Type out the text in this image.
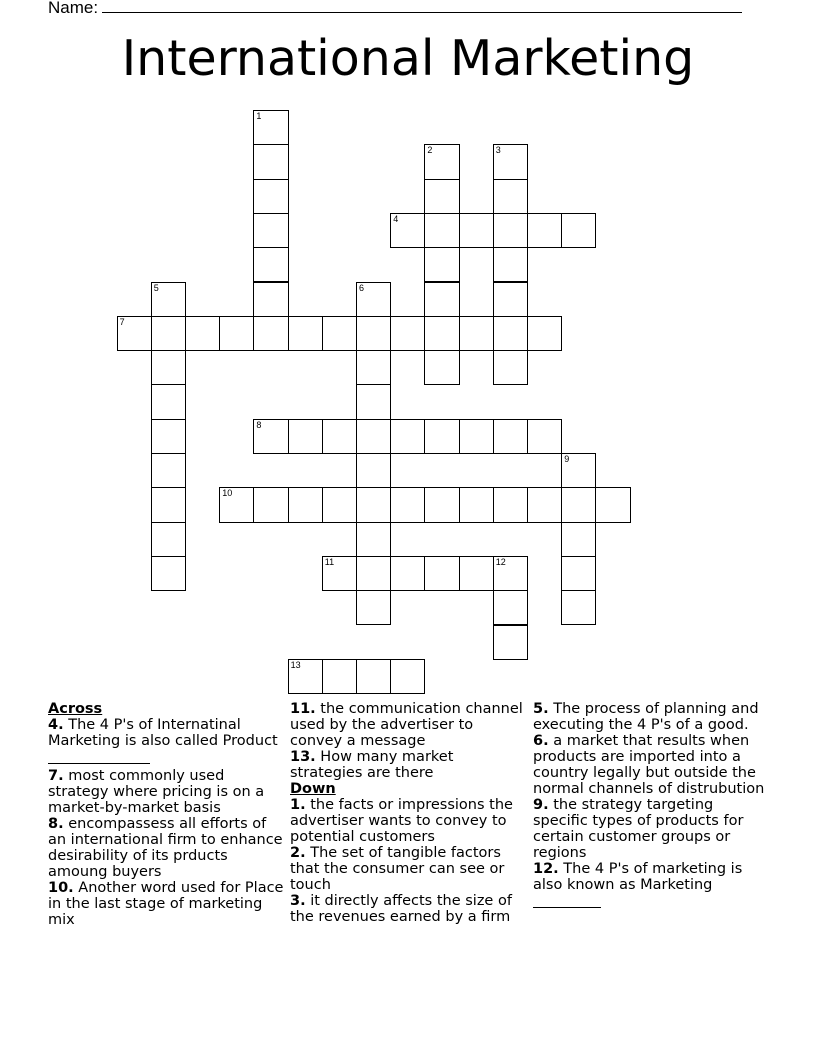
Name:
International Marketing
1
2	3
4
5	6
7
8
9
10
11	12
13
Across
4. The 4 P's of Internatinal Marketing is also called Product

7. most commonly used strategy where pricing is on a market-by-market basis
8. encompassess all efforts of an international firm to enhance desirability of its prducts amoung buyers
10. Another word used for Place in the last stage of marketing mix
11. the communication channel used by the advertiser to convey a message
13. How many market strategies are there
Down
1. the facts or impressions the advertiser wants to convey to potential customers
2. The set of tangible factors that the consumer can see or touch
3. it directly affects the size of the revenues earned by a firm
5. The process of planning and executing the 4 P's of a good.
6. a market that results when products are imported into a country legally but outside the normal channels of distrubution
9. the strategy targeting specific types of products for certain customer groups or regions
12. The 4 P's of marketing is also known as Marketing
